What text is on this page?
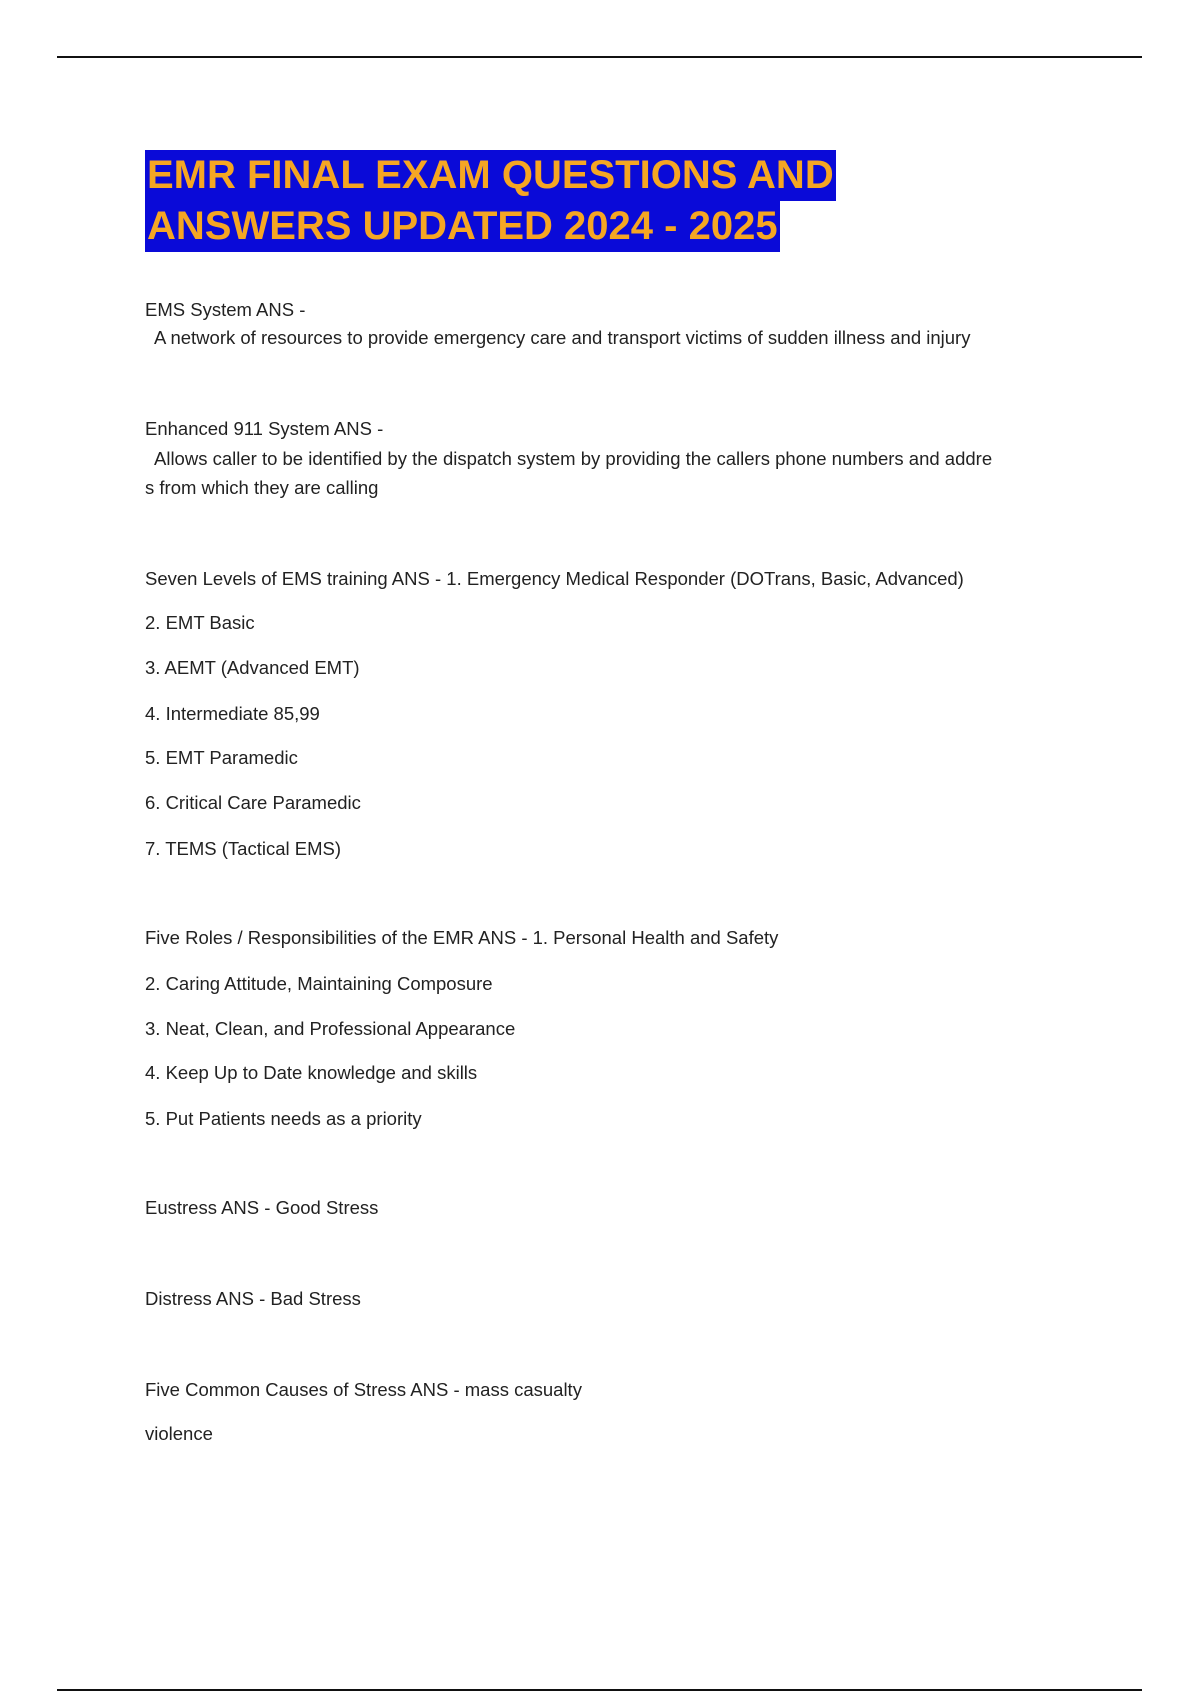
EMR FINAL EXAM QUESTIONS AND
ANSWERS UPDATED 2024 - 2025

EMS System ANS -

A network of resources to provide emergency care and transport victims of sudden illness and injury

Enhanced 911 System ANS -

Allows caller to be identified by the dispatch system by providing the callers phone numbers and addre

s from which they are calling

Seven Levels of EMS training ANS - 1. Emergency Medical Responder (DOTrans, Basic, Advanced)

2. EMT Basic

3. AEMT (Advanced EMT)

4. Intermediate 85,99

5. EMT Paramedic

6. Critical Care Paramedic

7. TEMS (Tactical EMS)

Five Roles / Responsibilities of the EMR ANS - 1. Personal Health and Safety

2. Caring Attitude, Maintaining Composure

3. Neat, Clean, and Professional Appearance

4. Keep Up to Date knowledge and skills

5. Put Patients needs as a priority

Eustress ANS - Good Stress

Distress ANS - Bad Stress

Five Common Causes of Stress ANS - mass casualty

violence
